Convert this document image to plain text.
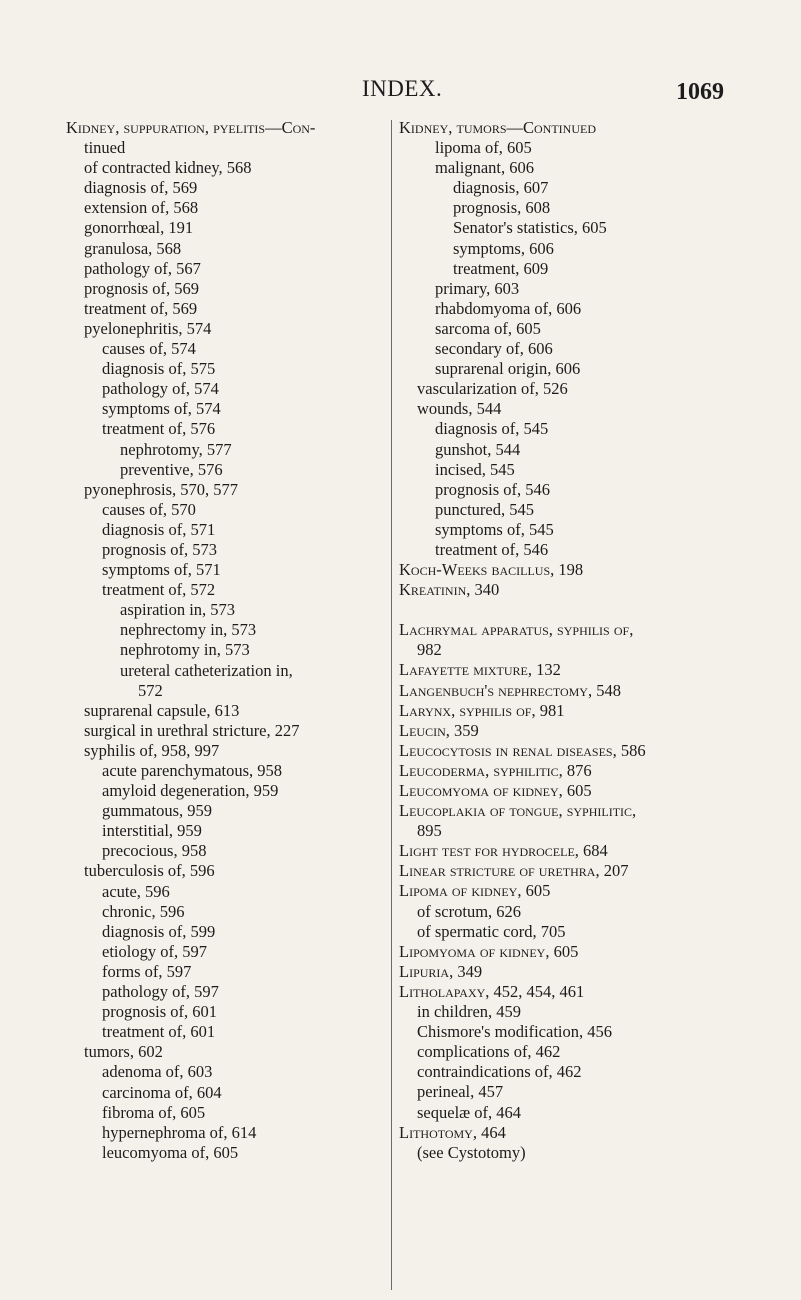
INDEX.	1069
Kidney, suppuration, pyelitis—Con-
tinued
of contracted kidney, 568
diagnosis of, 569
extension of, 568
gonorrhœal, 191
granulosa, 568
pathology of, 567
prognosis of, 569
treatment of, 569
pyelonephritis, 574
causes of, 574
diagnosis of, 575
pathology of, 574
symptoms of, 574
treatment of, 576
nephrotomy, 577
preventive, 576
pyonephrosis, 570, 577
causes of, 570
diagnosis of, 571
prognosis of, 573
symptoms of, 571
treatment of, 572
aspiration in, 573
nephrectomy in, 573
nephrotomy in, 573
ureteral catheterization in,
572
suprarenal capsule, 613
surgical in urethral stricture, 227
syphilis of, 958, 997
acute parenchymatous, 958
amyloid degeneration, 959
gummatous, 959
interstitial, 959
precocious, 958
tuberculosis of, 596
acute, 596
chronic, 596
diagnosis of, 599
etiology of, 597
forms of, 597
pathology of, 597
prognosis of, 601
treatment of, 601
tumors, 602
adenoma of, 603
carcinoma of, 604
fibroma of, 605
hypernephroma of, 614
leucomyoma of, 605
Kidney, tumors—Continued
lipoma of, 605
malignant, 606
diagnosis, 607
prognosis, 608
Senator's statistics, 605
symptoms, 606
treatment, 609
primary, 603
rhabdomyoma of, 606
sarcoma of, 605
secondary of, 606
suprarenal origin, 606
vascularization of, 526
wounds, 544
diagnosis of, 545
gunshot, 544
incised, 545
prognosis of, 546
punctured, 545
symptoms of, 545
treatment of, 546
Koch-Weeks bacillus, 198
Kreatinin, 340
Lachrymal apparatus, syphilis of,
982
Lafayette mixture, 132
Langenbuch's nephrectomy, 548
Larynx, syphilis of, 981
Leucin, 359
Leucocytosis in renal diseases, 586
Leucoderma, syphilitic, 876
Leucomyoma of kidney, 605
Leucoplakia of tongue, syphilitic,
895
Light test for hydrocele, 684
Linear stricture of urethra, 207
Lipoma of kidney, 605
of scrotum, 626
of spermatic cord, 705
Lipomyoma of kidney, 605
Lipuria, 349
Litholapaxy, 452, 454, 461
in children, 459
Chismore's modification, 456
complications of, 462
contraindications of, 462
perineal, 457
sequelæ of, 464
Lithotomy, 464
(see Cystotomy)
